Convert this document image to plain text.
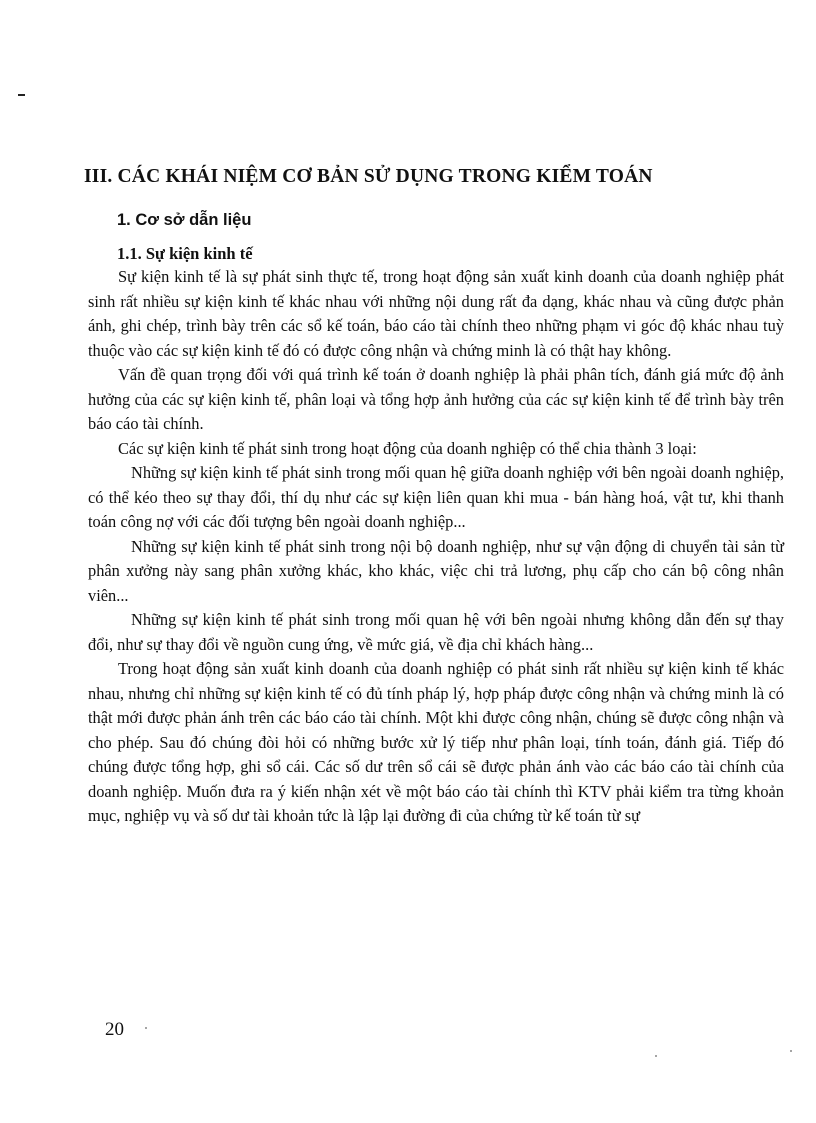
III. CÁC KHÁI NIỆM CƠ BẢN SỬ DỤNG TRONG KIỂM TOÁN
1. Cơ sở dẫn liệu
1.1. Sự kiện kinh tế

Sự kiện kinh tế là sự phát sinh thực tế, trong hoạt động sản xuất kinh doanh của doanh nghiệp phát sinh rất nhiều sự kiện kinh tế khác nhau với những nội dung rất đa dạng, khác nhau và cũng được phản ánh, ghi chép, trình bày trên các sổ kế toán, báo cáo tài chính theo những phạm vi góc độ khác nhau tuỳ thuộc vào các sự kiện kinh tế đó có được công nhận và chứng minh là có thật hay không.

Vấn đề quan trọng đối với quá trình kế toán ở doanh nghiệp là phải phân tích, đánh giá mức độ ảnh hưởng của các sự kiện kinh tế, phân loại và tổng hợp ảnh hưởng của các sự kiện kinh tế để trình bày trên báo cáo tài chính.

Các sự kiện kinh tế phát sinh trong hoạt động của doanh nghiệp có thể chia thành 3 loại:

Những sự kiện kinh tế phát sinh trong mối quan hệ giữa doanh nghiệp với bên ngoài doanh nghiệp, có thể kéo theo sự thay đổi, thí dụ như các sự kiện liên quan khi mua - bán hàng hoá, vật tư, khi thanh toán công nợ với các đối tượng bên ngoài doanh nghiệp...

Những sự kiện kinh tế phát sinh trong nội bộ doanh nghiệp, như sự vận động di chuyển tài sản từ phân xưởng này sang phân xưởng khác, kho khác, việc chi trả lương, phụ cấp cho cán bộ công nhân viên...

Những sự kiện kinh tế phát sinh trong mối quan hệ với bên ngoài nhưng không dẫn đến sự thay đổi, như sự thay đổi về nguồn cung ứng, về mức giá, về địa chỉ khách hàng...

Trong hoạt động sản xuất kinh doanh của doanh nghiệp có phát sinh rất nhiều sự kiện kinh tế khác nhau, nhưng chỉ những sự kiện kinh tế có đủ tính pháp lý, hợp pháp được công nhận và chứng minh là có thật mới được phản ánh trên các báo cáo tài chính. Một khi được công nhận, chúng sẽ được công nhận và cho phép. Sau đó chúng đòi hỏi có những bước xử lý tiếp như phân loại, tính toán, đánh giá. Tiếp đó chúng được tổng hợp, ghi sổ cái. Các số dư trên sổ cái sẽ được phản ánh vào các báo cáo tài chính của doanh nghiệp. Muốn đưa ra ý kiến nhận xét về một báo cáo tài chính thì KTV phải kiểm tra từng khoản mục, nghiệp vụ và số dư tài khoản tức là lập lại đường đi của chứng từ kế toán từ sự

20
